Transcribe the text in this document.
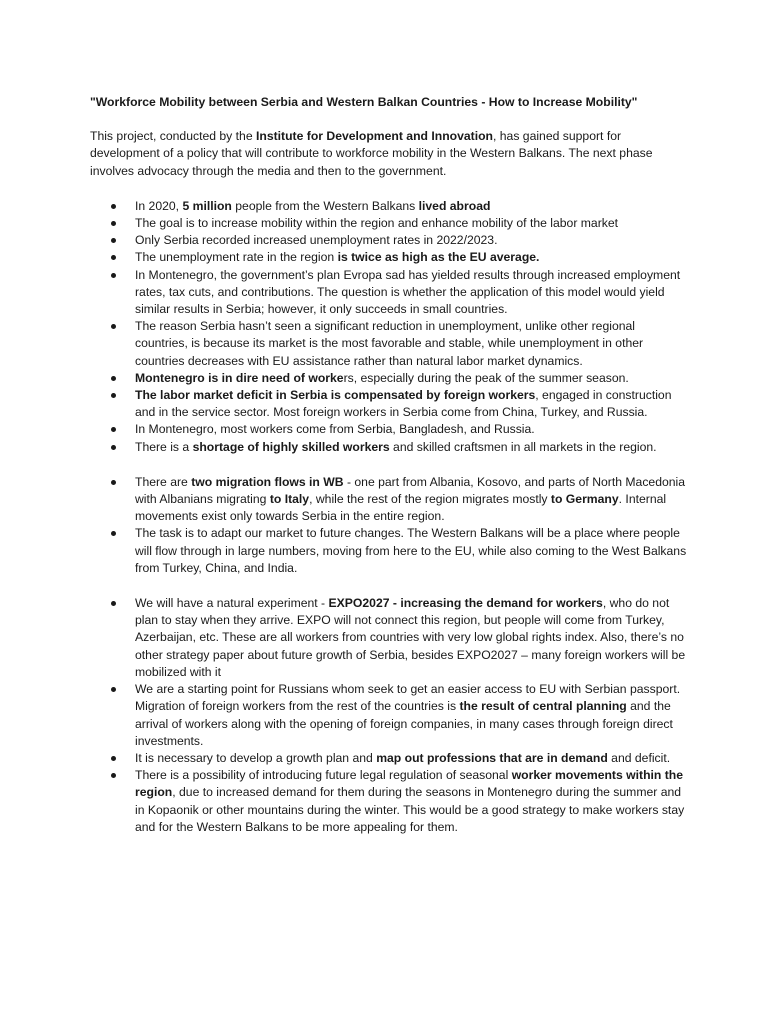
"Workforce Mobility between Serbia and Western Balkan Countries - How to Increase Mobility"

This project, conducted by the Institute for Development and Innovation, has gained support for development of a policy that will contribute to workforce mobility in the Western Balkans. The next phase involves advocacy through the media and then to the government.

In 2020, 5 million people from the Western Balkans lived abroad
The goal is to increase mobility within the region and enhance mobility of the labor market
Only Serbia recorded increased unemployment rates in 2022/2023.
The unemployment rate in the region is twice as high as the EU average.
In Montenegro, the government’s plan Evropa sad has yielded results through increased employment rates, tax cuts, and contributions. The question is whether the application of this model would yield similar results in Serbia; however, it only succeeds in small countries.
The reason Serbia hasn’t seen a significant reduction in unemployment, unlike other regional countries, is because its market is the most favorable and stable, while unemployment in other countries decreases with EU assistance rather than natural labor market dynamics.
Montenegro is in dire need of workers, especially during the peak of the summer season.
The labor market deficit in Serbia is compensated by foreign workers, engaged in construction and in the service sector. Most foreign workers in Serbia come from China, Turkey, and Russia.
In Montenegro, most workers come from Serbia, Bangladesh, and Russia.
There is a shortage of highly skilled workers and skilled craftsmen in all markets in the region.
There are two migration flows in WB - one part from Albania, Kosovo, and parts of North Macedonia with Albanians migrating to Italy, while the rest of the region migrates mostly to Germany. Internal movements exist only towards Serbia in the entire region.
The task is to adapt our market to future changes. The Western Balkans will be a place where people will flow through in large numbers, moving from here to the EU, while also coming to the West Balkans from Turkey, China, and India.
We will have a natural experiment - EXPO2027 - increasing the demand for workers, who do not plan to stay when they arrive. EXPO will not connect this region, but people will come from Turkey, Azerbaijan, etc. These are all workers from countries with very low global rights index. Also, there’s no other strategy paper about future growth of Serbia, besides EXPO2027 – many foreign workers will be mobilized with it
We are a starting point for Russians whom seek to get an easier access to EU with Serbian passport. Migration of foreign workers from the rest of the countries is the result of central planning and the arrival of workers along with the opening of foreign companies, in many cases through foreign direct investments.
It is necessary to develop a growth plan and map out professions that are in demand and deficit.
There is a possibility of introducing future legal regulation of seasonal worker movements within the region, due to increased demand for them during the seasons in Montenegro during the summer and in Kopaonik or other mountains during the winter. This would be a good strategy to make workers stay and for the Western Balkans to be more appealing for them.
